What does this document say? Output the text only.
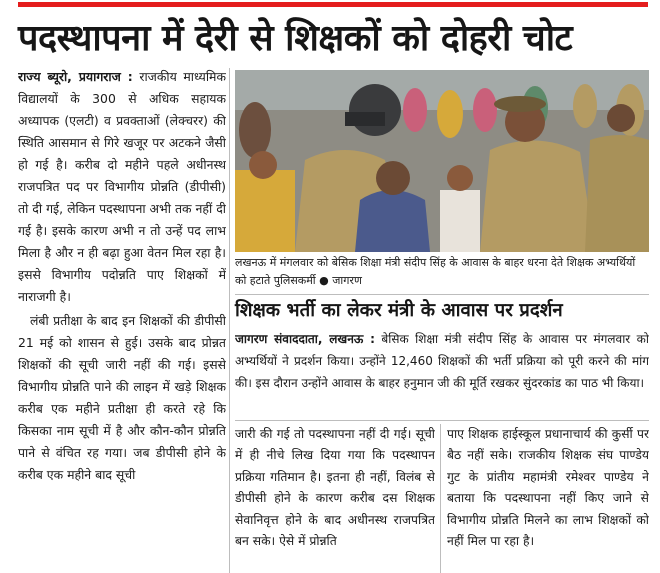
पदस्थापना में देरी से शिक्षकों को दोहरी चोट

राज्य ब्यूरो, प्रयागराज : राजकीय माध्यमिक विद्यालयों के 300 से अधिक सहायक अध्यापक (एलटी) व प्रवक्ताओं (लेक्चरर) की स्थिति आसमान से गिरे खजूर पर अटकने जैसी हो गई है। करीब दो महीने पहले अधीनस्थ राजपत्रित पद पर विभागीय प्रोन्नति (डीपीसी) तो दी गई, लेकिन पदस्थापना अभी तक नहीं दी गई है। इसके कारण अभी न तो उन्हें पद लाभ मिला है और न ही बढ़ा हुआ वेतन मिल रहा है। इससे विभागीय पदोन्नति पाए शिक्षकों में नाराजगी है।

लंबी प्रतीक्षा के बाद इन शिक्षकों की डीपीसी 21 मई को शासन से हुई। उसके बाद प्रोन्नत शिक्षकों की सूची जारी नहीं की गई। इससे विभागीय प्रोन्नति पाने की लाइन में खड़े शिक्षक करीब एक महीने प्रतीक्षा ही करते रहे कि किसका नाम सूची में है और कौन-कौन प्रोन्नति पाने से वंचित रह गया। जब डीपीसी होने के करीब एक महीने बाद सूची

लखनऊ में मंगलवार को बेसिक शिक्षा मंत्री संदीप सिंह के आवास के बाहर धरना देते शिक्षक अभ्यर्थियों को हटाते पुलिसकर्मी ● जागरण
शिक्षक भर्ती का लेकर मंत्री के आवास पर प्रदर्शन

जागरण संवाददाता, लखनऊ : बेसिक शिक्षा मंत्री संदीप सिंह के आवास पर मंगलवार को अभ्यर्थियों ने प्रदर्शन किया। उन्होंने 12,460 शिक्षकों की भर्ती प्रक्रिया को पूरी करने की मांग की। इस दौरान उन्होंने आवास के बाहर हनुमान जी की मूर्ति रखकर सुंदरकांड का पाठ भी किया।

जारी की गई तो पदस्थापना नहीं दी गई। सूची में ही नीचे लिख दिया गया कि पदस्थापन प्रक्रिया गतिमान है। इतना ही नहीं, विलंब से डीपीसी होने के कारण करीब दस शिक्षक सेवानिवृत्त होने के बाद अधीनस्थ राजपत्रित बन सके। ऐसे में प्रोन्नति

पाए शिक्षक हाईस्कूल प्रधानाचार्य की कुर्सी पर बैठ नहीं सके। राजकीय शिक्षक संघ पाण्डेय गुट के प्रांतीय महामंत्री रमेश्वर पाण्डेय ने बताया कि पदस्थापना नहीं किए जाने से विभागीय प्रोन्नति मिलने का लाभ शिक्षकों को नहीं मिल पा रहा है।
